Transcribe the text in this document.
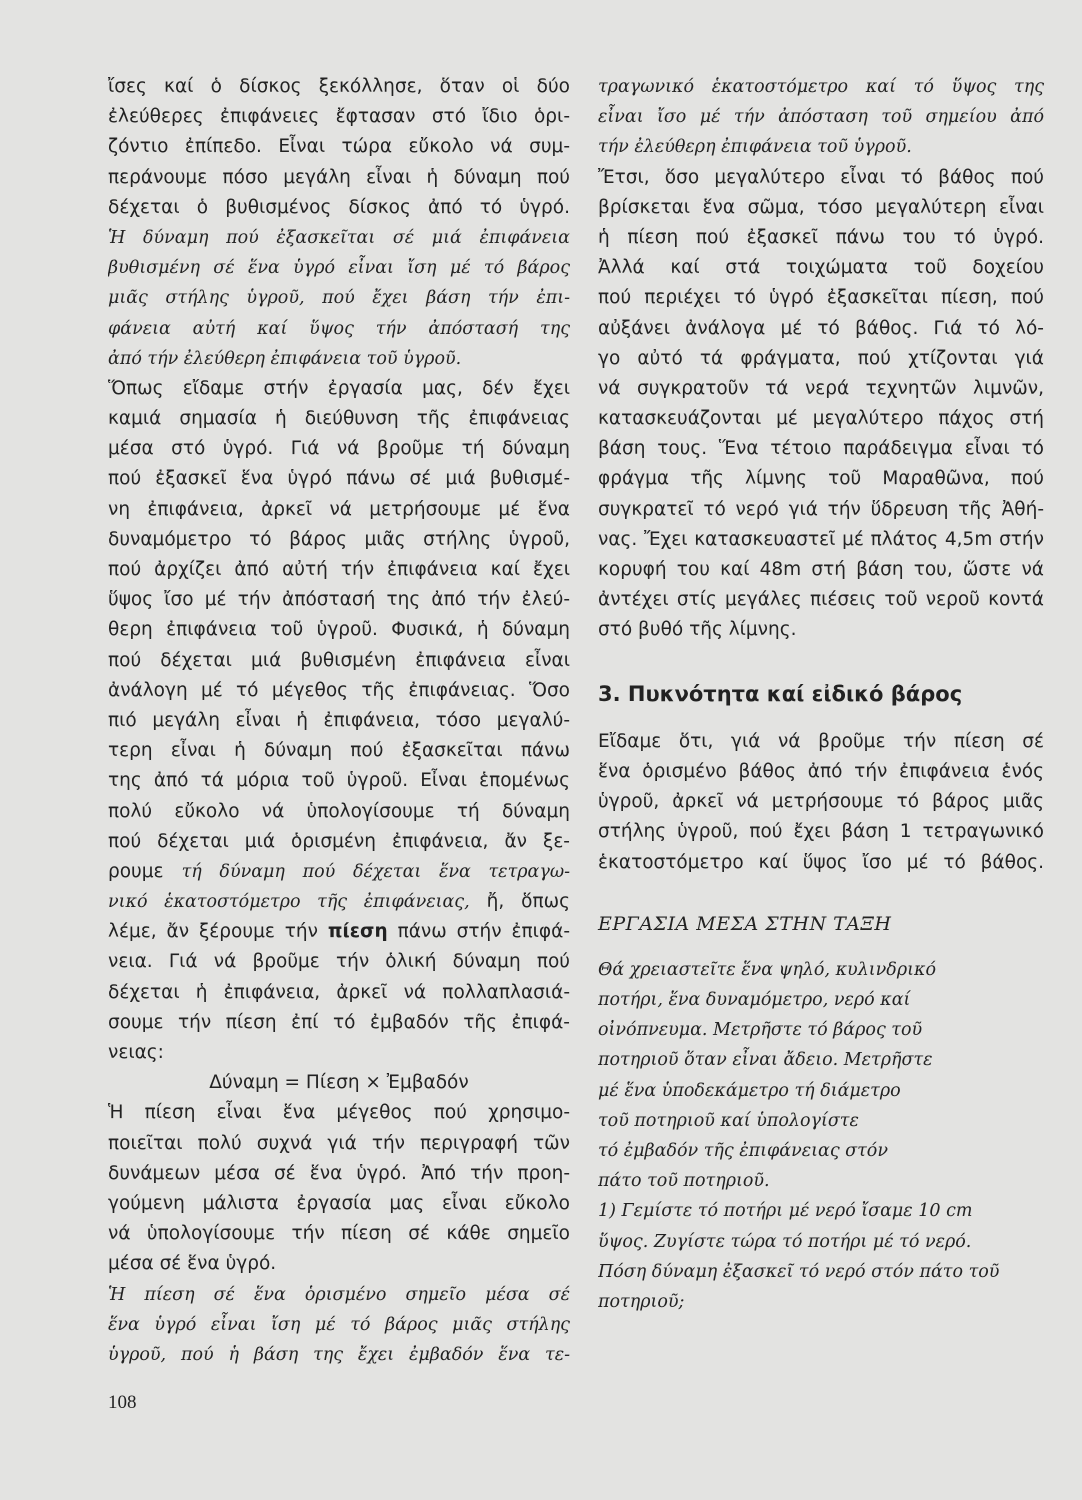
ἴσες καί ὁ δίσκος ξεκόλλησε, ὅταν οἱ δύο
ἐλεύθερες ἐπιφάνειες ἔφτασαν στό ἴδιο ὁρι-
ζόντιο ἐπίπεδο. Εἶναι τώρα εὔκολο νά συμ-
περάνουμε πόσο μεγάλη εἶναι ἡ δύναμη πού
δέχεται ὁ βυθισμένος δίσκος ἀπό τό ὑγρό.
Ἡ δύναμη πού ἐξασκεῖται σέ μιά ἐπιφάνεια
βυθισμένη σέ ἕνα ὑγρό εἶναι ἴση μέ τό βάρος
μιᾶς στήλης ὑγροῦ, πού ἔχει βάση τήν ἐπι-
φάνεια αὐτή καί ὕψος τήν ἀπόστασή της
ἀπό τήν ἐλεύθερη ἐπιφάνεια τοῦ ὑγροῦ.
Ὅπως εἴδαμε στήν ἐργασία μας, δέν ἔχει
καμιά σημασία ἡ διεύθυνση τῆς ἐπιφάνειας
μέσα στό ὑγρό. Γιά νά βροῦμε τή δύναμη
πού ἐξασκεῖ ἕνα ὑγρό πάνω σέ μιά βυθισμέ-
νη ἐπιφάνεια, ἀρκεῖ νά μετρήσουμε μέ ἕνα
δυναμόμετρο τό βάρος μιᾶς στήλης ὑγροῦ,
πού ἀρχίζει ἀπό αὐτή τήν ἐπιφάνεια καί ἔχει
ὕψος ἴσο μέ τήν ἀπόστασή της ἀπό τήν ἐλεύ-
θερη ἐπιφάνεια τοῦ ὑγροῦ. Φυσικά, ἡ δύναμη
πού δέχεται μιά βυθισμένη ἐπιφάνεια εἶναι
ἀνάλογη μέ τό μέγεθος τῆς ἐπιφάνειας. Ὅσο
πιό μεγάλη εἶναι ἡ ἐπιφάνεια, τόσο μεγαλύ-
τερη εἶναι ἡ δύναμη πού ἐξασκεῖται πάνω
της ἀπό τά μόρια τοῦ ὑγροῦ. Εἶναι ἑπομένως
πολύ εὔκολο νά ὑπολογίσουμε τή δύναμη
πού δέχεται μιά ὁρισμένη ἐπιφάνεια, ἄν ξε-
ρουμε τή δύναμη πού δέχεται ἕνα τετραγω-
νικό ἑκατοστόμετρο τῆς ἐπιφάνειας, ἤ, ὅπως
λέμε, ἄν ξέρουμε τήν πίεση πάνω στήν ἐπιφά-
νεια. Γιά νά βροῦμε τήν ὁλική δύναμη πού
δέχεται ἡ ἐπιφάνεια, ἀρκεῖ νά πολλαπλασιά-
σουμε τήν πίεση ἐπί τό ἐμβαδόν τῆς ἐπιφά-
νειας:
Δύναμη = Πίεση × Ἐμβαδόν
Ἡ πίεση εἶναι ἕνα μέγεθος πού χρησιμο-
ποιεῖται πολύ συχνά γιά τήν περιγραφή τῶν
δυνάμεων μέσα σέ ἕνα ὑγρό. Ἀπό τήν προη-
γούμενη μάλιστα ἐργασία μας εἶναι εὔκολο
νά ὑπολογίσουμε τήν πίεση σέ κάθε σημεῖο
μέσα σέ ἕνα ὑγρό.
Ἡ πίεση σέ ἕνα ὁρισμένο σημεῖο μέσα σέ
ἕνα ὑγρό εἶναι ἴση μέ τό βάρος μιᾶς στήλης
ὑγροῦ, πού ἡ βάση της ἔχει ἐμβαδόν ἕνα τε-
τραγωνικό ἑκατοστόμετρο καί τό ὕψος της
εἶναι ἴσο μέ τήν ἀπόσταση τοῦ σημείου ἀπό
τήν ἐλεύθερη ἐπιφάνεια τοῦ ὑγροῦ.
Ἔτσι, ὅσο μεγαλύτερο εἶναι τό βάθος πού
βρίσκεται ἕνα σῶμα, τόσο μεγαλύτερη εἶναι
ἡ πίεση πού ἐξασκεῖ πάνω του τό ὑγρό.
Ἀλλά καί στά τοιχώματα τοῦ δοχείου
πού περιέχει τό ὑγρό ἐξασκεῖται πίεση, πού
αὐξάνει ἀνάλογα μέ τό βάθος. Γιά τό λό-
γο αὐτό τά φράγματα, πού χτίζονται γιά
νά συγκρατοῦν τά νερά τεχνητῶν λιμνῶν,
κατασκευάζονται μέ μεγαλύτερο πάχος στή
βάση τους. Ἕνα τέτοιο παράδειγμα εἶναι τό
φράγμα τῆς λίμνης τοῦ Μαραθῶνα, πού
συγκρατεῖ τό νερό γιά τήν ὕδρευση τῆς Ἀθή-
νας. Ἔχει κατασκευαστεῖ μέ πλάτος 4,5m στήν
κορυφή του καί 48m στή βάση του, ὥστε νά
ἀντέχει στίς μεγάλες πιέσεις τοῦ νεροῦ κοντά
στό βυθό τῆς λίμνης.
3. Πυκνότητα καί εἰδικό βάρος
Εἴδαμε ὅτι, γιά νά βροῦμε τήν πίεση σέ
ἕνα ὁρισμένο βάθος ἀπό τήν ἐπιφάνεια ἑνός
ὑγροῦ, ἀρκεῖ νά μετρήσουμε τό βάρος μιᾶς
στήλης ὑγροῦ, πού ἔχει βάση 1 τετραγωνικό
ἑκατοστόμετρο καί ὕψος ἴσο μέ τό βάθος.
ΕΡΓΑΣΙΑ ΜΕΣΑ ΣΤΗΝ ΤΑΞΗ
Θά χρειαστεῖτε ἕνα ψηλό, κυλινδρικό
ποτήρι, ἕνα δυναμόμετρο, νερό καί
οἰνόπνευμα. Μετρῆστε τό βάρος τοῦ
ποτηριοῦ ὅταν εἶναι ἄδειο. Μετρῆστε
μέ ἕνα ὑποδεκάμετρο τή διάμετρο
τοῦ ποτηριοῦ καί ὑπολογίστε
τό ἐμβαδόν τῆς ἐπιφάνειας στόν
πάτο τοῦ ποτηριοῦ.
1) Γεμίστε τό ποτήρι μέ νερό ἴσαμε 10 cm
ὕψος. Ζυγίστε τώρα τό ποτήρι μέ τό νερό.
Πόση δύναμη ἐξασκεῖ τό νερό στόν πάτο τοῦ
ποτηριοῦ;
108
